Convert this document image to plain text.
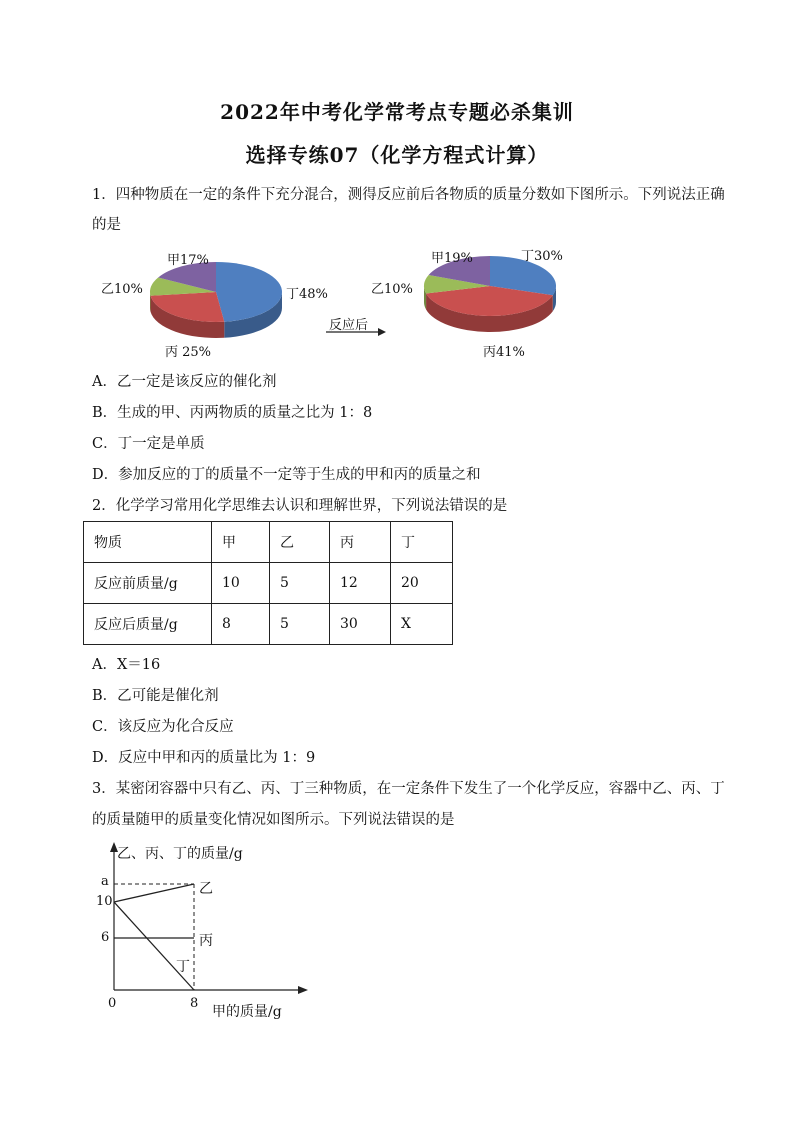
2022年中考化学常考点专题必杀集训
选择专练07（化学方程式计算）
1．四种物质在一定的条件下充分混合，测得反应前后各物质的质量分数如下图所示。下列说法正确
的是
甲17%
乙10%	丁48%
丙 25%
反应后
甲19%	丁30%
乙10%
丙41%
A．乙一定是该反应的催化剂
B．生成的甲、丙两物质的质量之比为 1：8
C．丁一定是单质
D．参加反应的丁的质量不一定等于生成的甲和丙的质量之和
2．化学学习常用化学思维去认识和理解世界，下列说法错误的是
物质	甲	乙	丙	丁
反应前质量/g	10	5	12	20
反应后质量/g	8	5	30	X
A．X＝16
B．乙可能是催化剂
C．该反应为化合反应
D．反应中甲和丙的质量比为 1：9
3．某密闭容器中只有乙、丙、丁三种物质，在一定条件下发生了一个化学反应，容器中乙、丙、丁
的质量随甲的质量变化情况如图所示。下列说法错误的是
乙、丙、丁的质量/g
a
10
6
0	8
甲的质量/g
乙
丙
丁
